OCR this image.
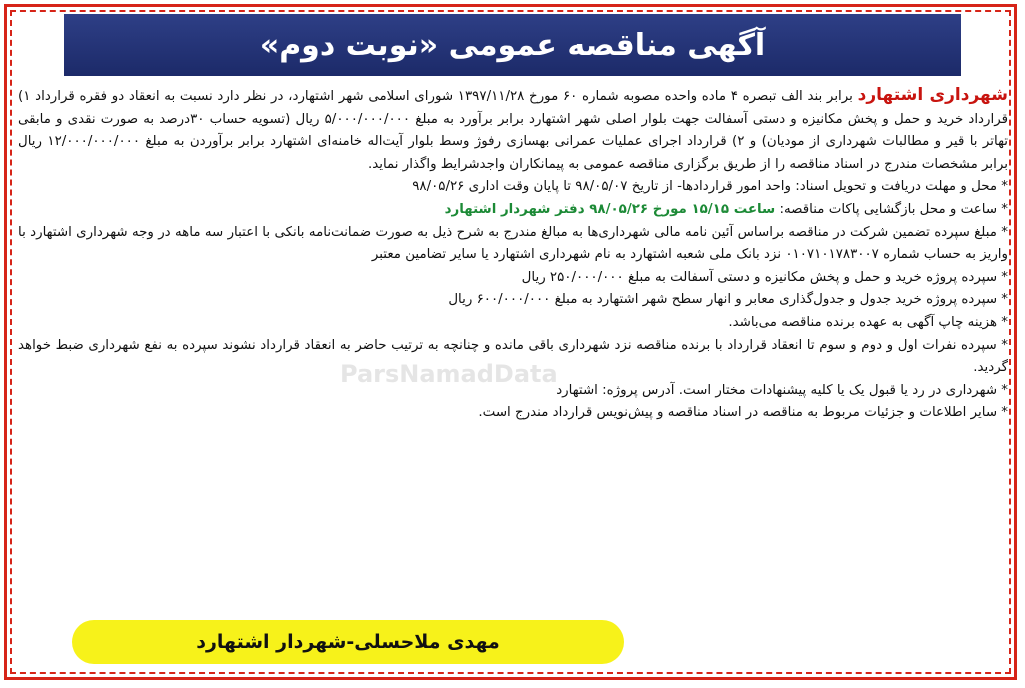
آگهی مناقصه عمومی «نوبت دوم»

شهرداری اشتهارد برابر بند الف تبصره ۴ ماده واحده مصوبه شماره ۶۰ مورخ ۱۳۹۷/۱۱/۲۸ شورای اسلامی شهر اشتهارد، در نظر دارد نسبت به انعقاد دو فقره قرارداد ۱) قرارداد خرید و حمل و پخش مکانیزه و دستی آسفالت جهت بلوار اصلی شهر اشتهارد برابر برآورد به مبلغ ۵/۰۰۰/۰۰۰/۰۰۰ ریال (تسویه حساب ۳۰درصد به صورت نقدی و مابقی تهاتر با قیر و مطالبات شهرداری از مودیان) و ۲) قرارداد اجرای عملیات عمرانی بهسازی رفوژ وسط بلوار آیت‌اله خامنه‌ای اشتهارد برابر برآوردن به مبلغ ۱۲/۰۰۰/۰۰۰/۰۰۰ ریال برابر مشخصات مندرج در اسناد مناقصه را از طریق برگزاری مناقصه عمومی به پیمانکاران واجدشرایط واگذار نماید.

* محل و مهلت دریافت و تحویل اسناد: واحد امور قراردادها- از تاریخ ۹۸/۰۵/۰۷ تا پایان وقت اداری ۹۸/۰۵/۲۶

* ساعت و محل بازگشایی پاکات مناقصه: ساعت ۱۵/۱۵ مورخ ۹۸/۰۵/۲۶ دفتر شهردار اشتهارد

* مبلغ سپرده تضمین شرکت در مناقصه براساس آئین نامه مالی شهرداری‌ها به مبالغ مندرج به شرح ذیل به صورت ضمانت‌نامه بانکی با اعتبار سه ماهه در وجه شهرداری اشتهارد با واریز به حساب شماره ۰۱۰۷۱۰۱۷۸۳۰۰۷ نزد بانک ملی شعبه اشتهارد به نام شهرداری اشتهارد یا سایر تضامین معتبر

* سپرده پروژه خرید و حمل و پخش مکانیزه و دستی آسفالت به مبلغ ۲۵۰/۰۰۰/۰۰۰ ریال

* سپرده پروژه خرید جدول و جدول‌گذاری معابر و انهار سطح شهر اشتهارد به مبلغ ۶۰۰/۰۰۰/۰۰۰ ریال

* هزینه چاپ آگهی به عهده برنده مناقصه می‌باشد.

* سپرده نفرات اول و دوم و سوم تا انعقاد قرارداد با برنده مناقصه نزد شهرداری باقی مانده و چنانچه به ترتیب حاضر به انعقاد قرارداد نشوند سپرده به نفع شهرداری ضبط خواهد گردید.

* شهرداری در رد یا قبول یک یا کلیه پیشنهادات مختار است. آدرس پروژه: اشتهارد

* سایر اطلاعات و جزئیات مربوط به مناقصه در اسناد مناقصه و پیش‌نویس قرارداد مندرج است.

ParsNamadData
مهدی ملاحسلی-شهردار اشتهارد
